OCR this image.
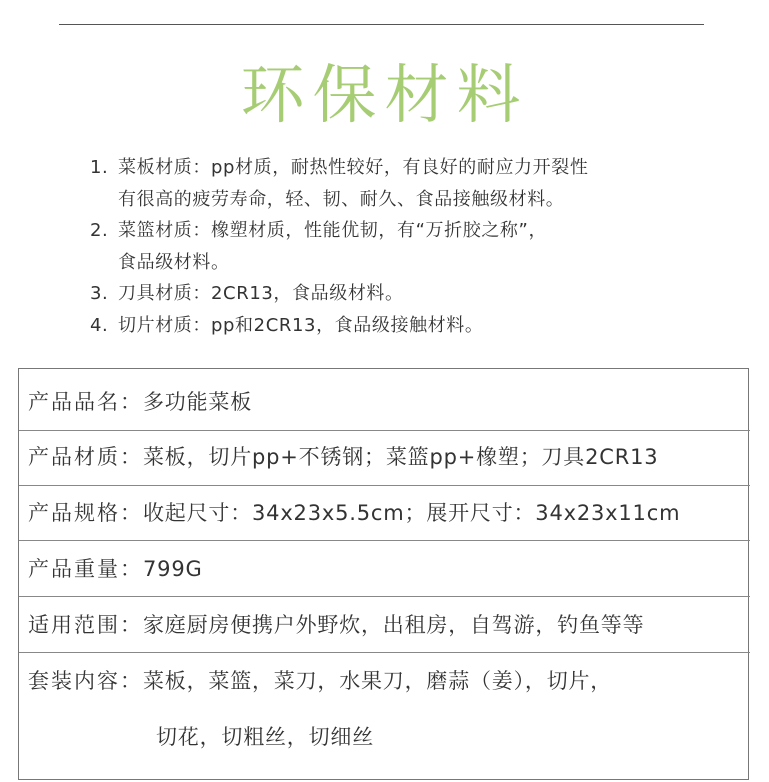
环保材料
1. 菜板材质：pp材质，耐热性较好，有良好的耐应力开裂性
有很高的疲劳寿命，轻、韧、耐久、食品接触级材料。
2. 菜篮材质：橡塑材质，性能优韧，有“万折胶之称”，
食品级材料。
3. 刀具材质：2CR13，食品级材料。
4. 切片材质：pp和2CR13，食品级接触材料。
产品品名：多功能菜板
产品材质：菜板，切片pp+不锈钢；菜篮pp+橡塑；刀具2CR13
产品规格：收起尺寸：34x23x5.5cm；展开尺寸：34x23x11cm
产品重量：799G
适用范围：家庭厨房便携户外野炊，出租房，自驾游，钓鱼等等
套装内容：菜板，菜篮，菜刀，水果刀，磨蒜（姜），切片，
切花，切粗丝，切细丝
